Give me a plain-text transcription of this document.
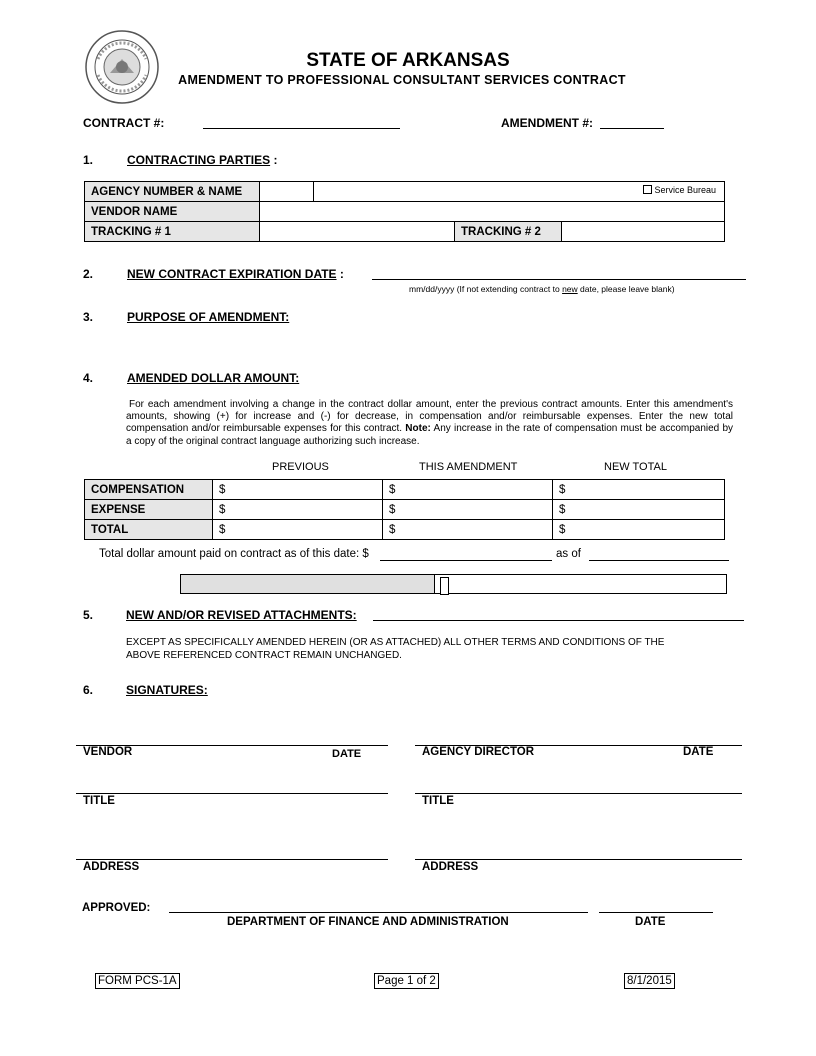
STATE OF ARKANSAS
AMENDMENT TO PROFESSIONAL CONSULTANT SERVICES CONTRACT
CONTRACT #:	AMENDMENT #:
1.	CONTRACTING PARTIES :
AGENCY NUMBER & NAME		Service Bureau		

VENDOR NAME				
TRACKING # 1			TRACKING # 2	
2.	NEW CONTRACT EXPIRATION DATE :
mm/dd/yyyy (If not extending contract to new date, please leave blank)
3.	PURPOSE OF AMENDMENT:
4.	AMENDED DOLLAR AMOUNT:
For each amendment involving a change in the contract dollar amount, enter the previous contract amounts. Enter this amendment's amounts, showing (+) for increase and (-) for decrease, in compensation and/or reimbursable expenses. Enter the new total compensation and/or reimbursable expenses for this contract. Note: Any increase in the rate of compensation must be accompanied by a copy of the original contract language authorizing such increase.
PREVIOUS	THIS AMENDMENT	NEW TOTAL
COMPENSATION	$	$	$
EXPENSE	$	$	$
TOTAL	$	$	$
Total dollar amount paid on contract as of this date: $	as of
5.	NEW AND/OR REVISED ATTACHMENTS:
EXCEPT AS SPECIFICALLY AMENDED HEREIN (OR AS ATTACHED) ALL OTHER TERMS AND CONDITIONS OF THE ABOVE REFERENCED CONTRACT REMAIN UNCHANGED.
6.	SIGNATURES:
VENDOR	DATE
TITLE
ADDRESS
AGENCY DIRECTOR	DATE
TITLE
ADDRESS
APPROVED:
DEPARTMENT OF FINANCE AND ADMINISTRATION	DATE
FORM PCS-1A	Page 1 of 2	8/1/2015
